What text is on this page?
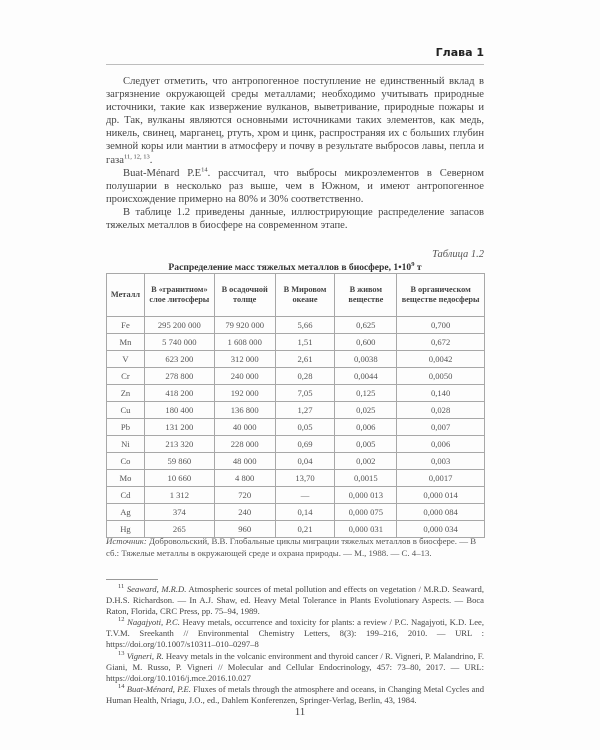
Глава 1

Следует отметить, что антропогенное поступление не единственный вклад в загрязнение окружающей среды металлами; необходимо учитывать природные источники, такие как извержение вулканов, выветривание, природные пожары и др. Так, вулканы являются основными источниками таких элементов, как медь, никель, свинец, марганец, ртуть, хром и цинк, распространяя их с больших глубин земной коры или мантии в атмосферу и почву в результате выбросов лавы, пепла и газа$^{11, 12, 13}$.

Buat-Ménard $P.E^{14}$. рассчитал, что выбросы микроэлементов в Северном полушарии в несколько раз выше, чем в Южном, и имеют антропогенное происхождение примерно на 80% и 30% соответственно.

В таблице 1.2 приведены данные, иллюстрирующие распределение запасов тяжелых металлов в биосфере на современном этапе.

Таблица 1.2
Распределение масс тяжелых металлов в биосфере, $1•10^9$ т
Металл	В «гранитном» слое литосферы	В осадочной толще	В Мировом океане	В живом веществе	В органическом веществе педосферы
Fe	295 200 000	79 920 000	5,66	0,625	0,700
Mn	5 740 000	1 608 000	1,51	0,600	0,672
V	623 200	312 000	2,61	0,0038	0,0042
Cr	278 800	240 000	0,28	0,0044	0,0050
Zn	418 200	192 000	7,05	0,125	0,140
Cu	180 400	136 800	1,27	0,025	0,028
Pb	131 200	40 000	0,05	0,006	0,007
Ni	213 320	228 000	0,69	0,005	0,006
Co	59 860	48 000	0,04	0,002	0,003
Mo	10 660	4 800	13,70	0,0015	0,0017
Cd	1 312	720	—	0,000 013	0,000 014
Ag	374	240	0,14	0,000 075	0,000 084
Hg	265	960	0,21	0,000 031	0,000 034
Источник: Добровольский, В.В. Глобальные циклы миграции тяжелых металлов в биосфере. — В сб.: Тяжелые металлы в окружающей среде и охрана природы. — М., 1988. — С. 4–13.

$^{11}$ Seaward, M.R.D. Atmospheric sources of metal pollution and effects on vegetation / M.R.D. Seaward, D.H.S. Richardson. — In A.J. Shaw, ed. Heavy Metal Tolerance in Plants Evolutionary Aspects. — Boca Raton, Florida, CRC Press, pp. 75–94, 1989.

$^{12}$ Nagajyoti, P.C. Heavy metals, occurrence and toxicity for plants: a review / P.C. Nagajyoti, K.D. Lee, T.V.M. Sreekanth // Environmental Chemistry Letters, 8(3): 199–216, 2010. — URL : https://doi.org/10.1007/s10311–010–0297–8

$^{13}$ Vigneri, R. Heavy metals in the volcanic environment and thyroid cancer / R. Vigneri, P. Malandrino, F. Giani, M. Russo, P. Vigneri // Molecular and Cellular Endocrinology, 457: 73–80, 2017. — URL: https://doi.org/10.1016/j.mce.2016.10.027

$^{14}$ Buat-Ménard, P.E. Fluxes of metals through the atmosphere and oceans, in Changing Metal Cycles and Human Health, Nriagu, J.O., ed., Dahlem Konferenzen, Springer-Verlag, Berlin, 43, 1984.

11
